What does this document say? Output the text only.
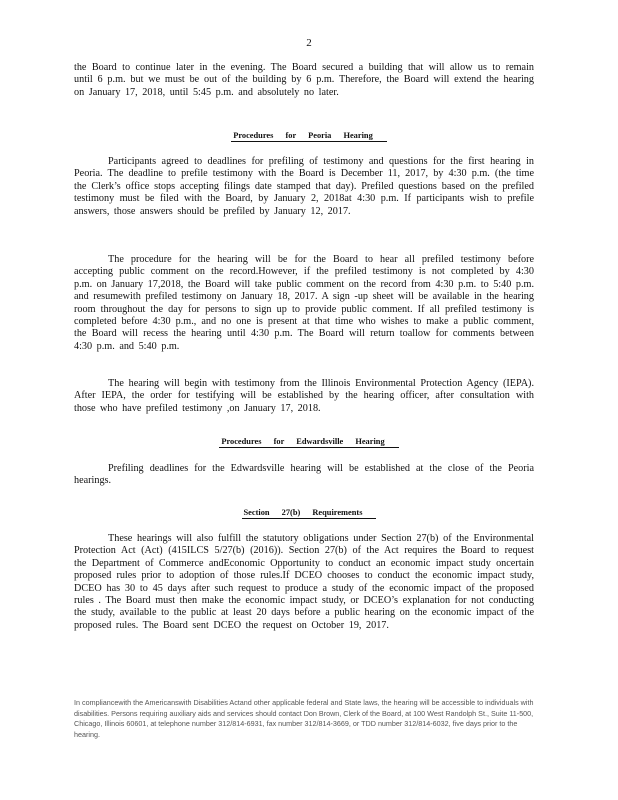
2

the Board to continue later in the evening. The Board secured a building that will allow us to remain until 6 p.m. but we must be out of the building by 6 p.m. Therefore, the Board will extend the hearing on January 17, 2018, until 5:45 p.m. and absolutely no later.

Procedures for Peoria Hearing

Participants agreed to deadlines for prefiling of testimony and questions for the first hearing in Peoria. The deadline to prefile testimony with the Board is December 11, 2017, by 4:30 p.m. (the time the Clerk’s office stops accepting filings date stamped that day). Prefiled questions based on the prefiled testimony must be filed with the Board, by January 2, 2018at 4:30 p.m. If participants wish to prefile answers, those answers should be prefiled by January 12, 2017.

The procedure for the hearing will be for the Board to hear all prefiled testimony before accepting public comment on the record.However, if the prefiled testimony is not completed by 4:30 p.m. on January 17,2018, the Board will take public comment on the record from 4:30 p.m. to 5:40 p.m. and resumewith prefiled testimony on January 18, 2017. A sign -up sheet will be available in the hearing room throughout the day for persons to sign up to provide public comment. If all prefiled testimony is completed before 4:30 p.m., and no one is present at that time who wishes to make a public comment, the Board will recess the hearing until 4:30 p.m. The Board will return toallow for comments between 4:30 p.m. and 5:40 p.m.

The hearing will begin with testimony from the Illinois Environmental Protection Agency (IEPA). After IEPA, the order for testifying will be established by the hearing officer, after consultation with those who have prefiled testimony ,on January 17, 2018.

Procedures for Edwardsville Hearing

Prefiling deadlines for the Edwardsville hearing will be established at the close of the Peoria hearings.

Section 27(b) Requirements

These hearings will also fulfill the statutory obligations under Section 27(b) of the Environmental Protection Act (Act) (415ILCS 5/27(b) (2016)). Section 27(b) of the Act requires the Board to request the Department of Commerce andEconomic Opportunity to conduct an economic impact study oncertain proposed rules prior to adoption of those rules.If DCEO chooses to conduct the economic impact study, DCEO has 30 to 45 days after such request to produce a study of the economic impact of the proposed rules . The Board must then make the economic impact study, or DCEO’s explanation for not conducting the study, available to the public at least 20 days before a public hearing on the economic impact of the proposed rules. The Board sent DCEO the request on October 19, 2017.

In compliancewith the Americanswith Disabilities Actand other applicable federal and State laws, the hearing will be accessible to individuals with disabilities. Persons requiring auxiliary aids and services should contact Don Brown, Clerk of the Board, at 100 West Randolph St., Suite 11-500, Chicago, Illinois 60601, at telephone number 312/814-6931, fax number 312/814-3669, or TDD number 312/814-6032, five days prior to the hearing.
